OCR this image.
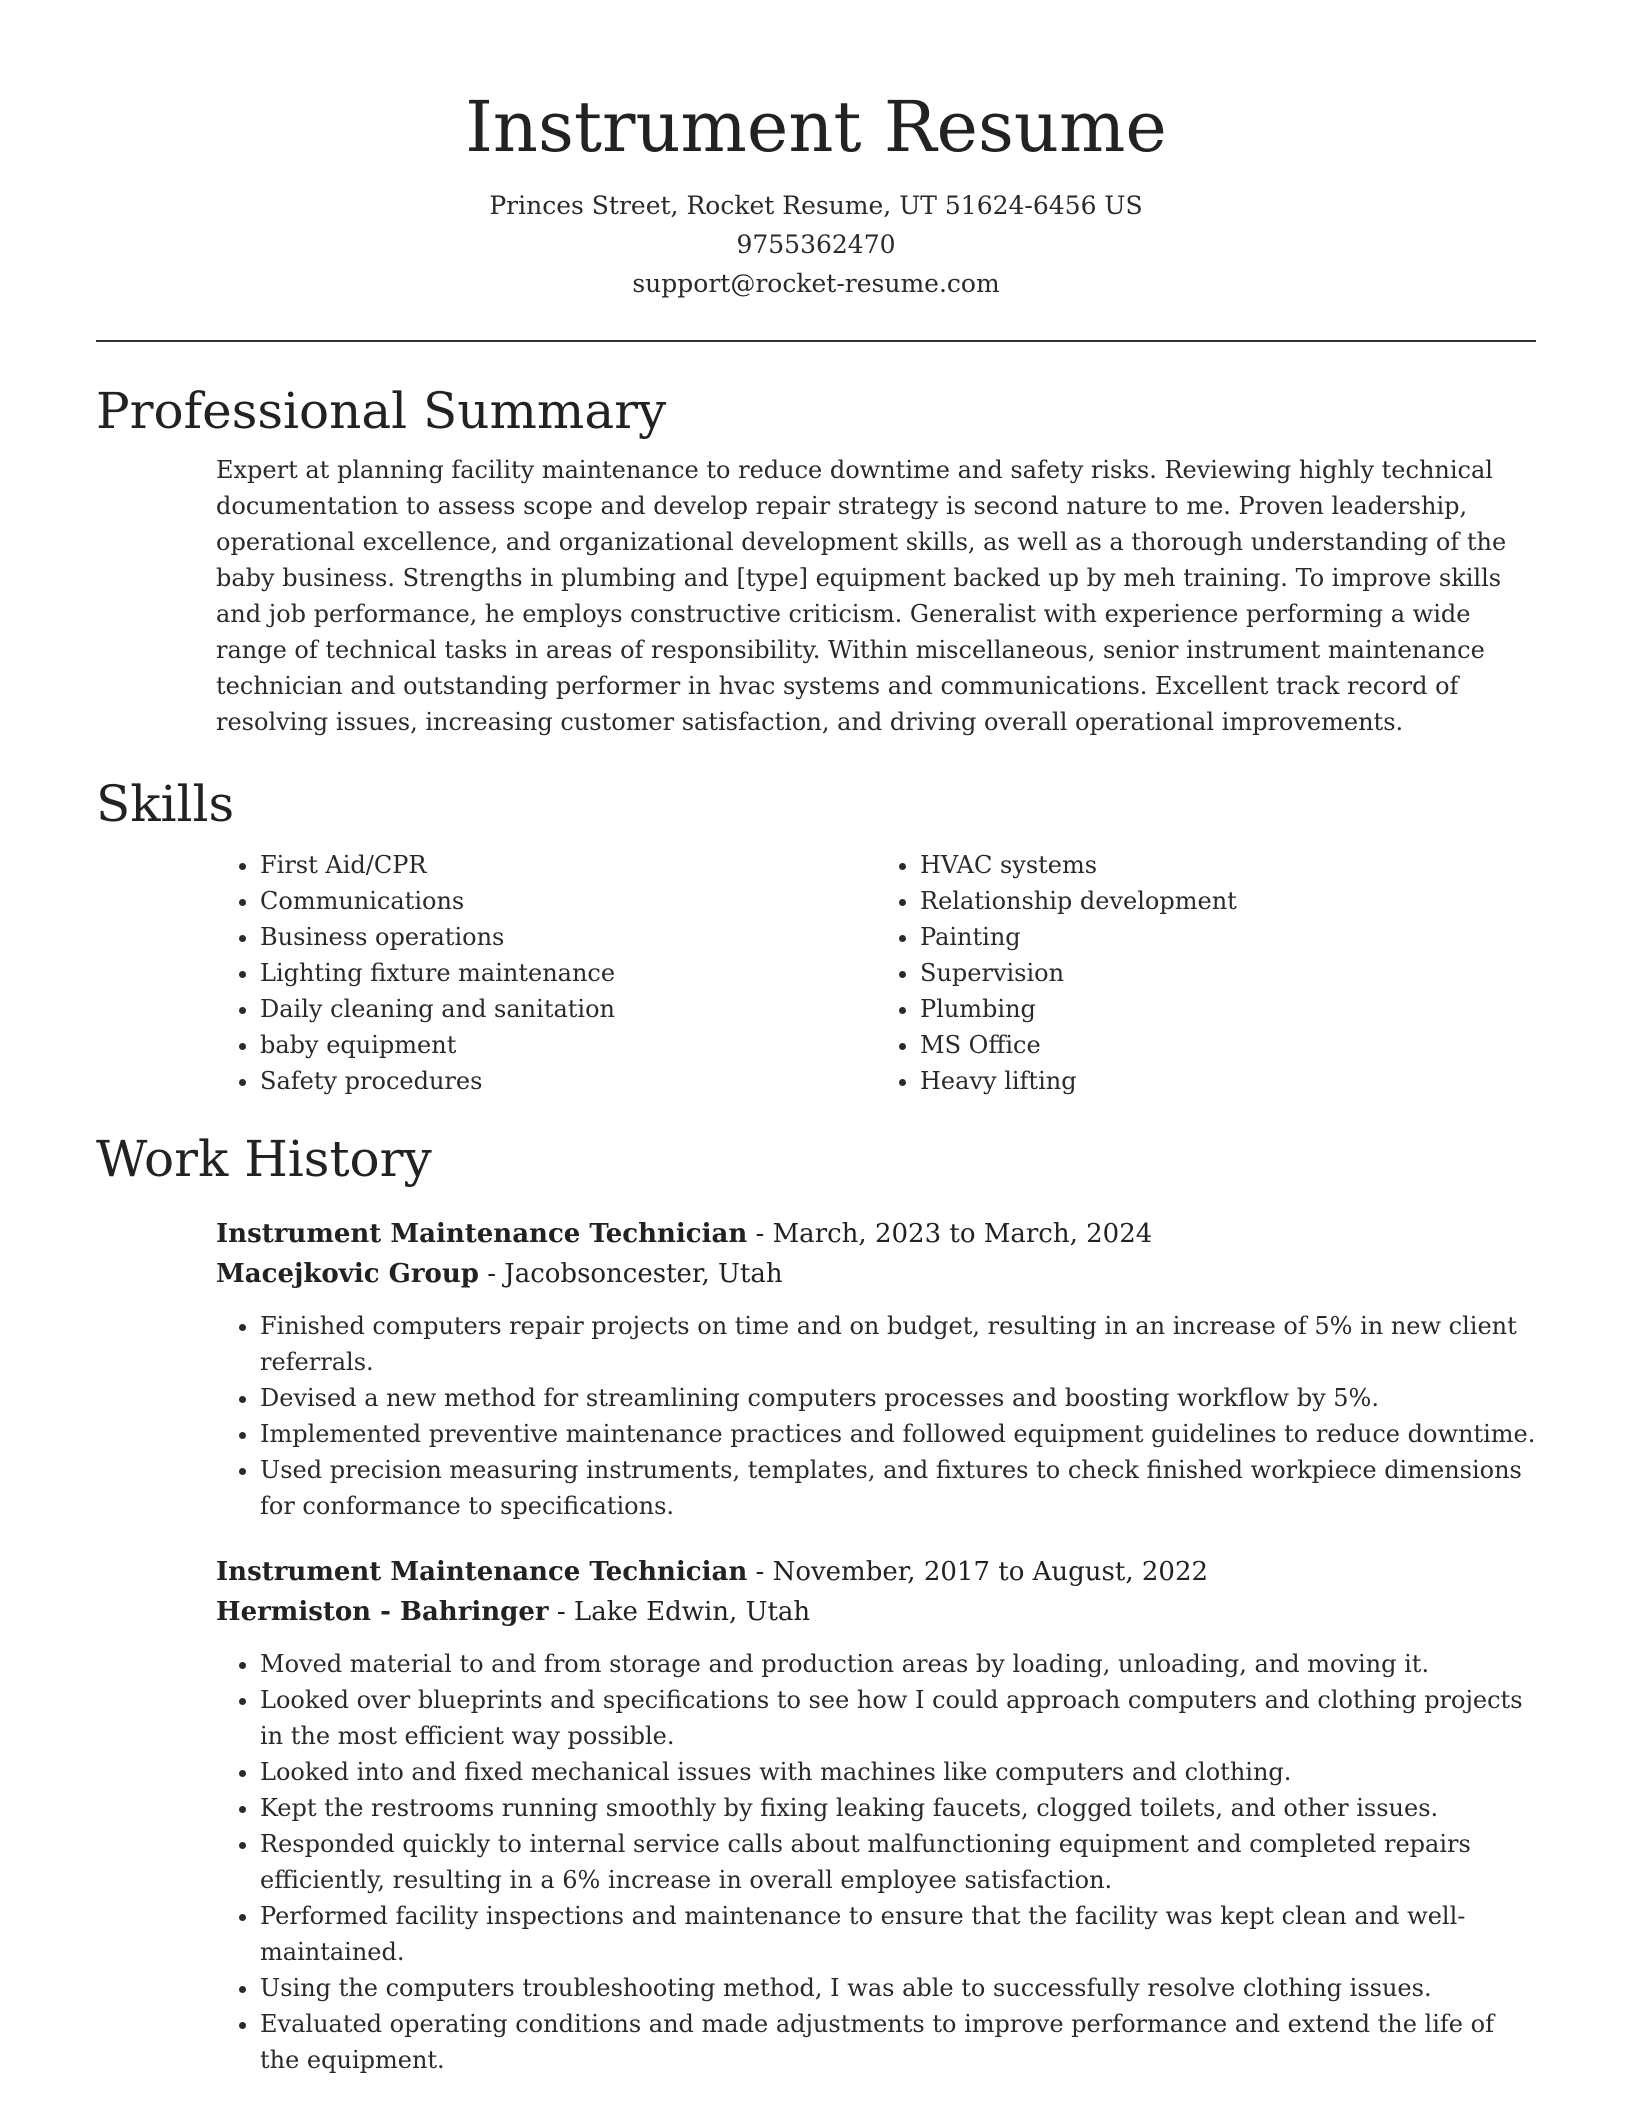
Instrument Resume
Princes Street, Rocket Resume, UT 51624-6456 US
9755362470
support@rocket-resume.com
Professional Summary

Expert at planning facility maintenance to reduce downtime and safety risks. Reviewing highly technical documentation to assess scope and develop repair strategy is second nature to me. Proven leadership, operational excellence, and organizational development skills, as well as a thorough understanding of the baby business. Strengths in plumbing and [type] equipment backed up by meh training. To improve skills and job performance, he employs constructive criticism. Generalist with experience performing a wide range of technical tasks in areas of responsibility. Within miscellaneous, senior instrument maintenance technician and outstanding performer in hvac systems and communications. Excellent track record of resolving issues, increasing customer satisfaction, and driving overall operational improvements.

Skills
• First Aid/CPR
• Communications
• Business operations
• Lighting fixture maintenance
• Daily cleaning and sanitation
• baby equipment
• Safety procedures
• HVAC systems
• Relationship development
• Painting
• Supervision
• Plumbing
• MS Office
• Heavy lifting
Work History
Instrument Maintenance Technician - March, 2023 to March, 2024
Macejkovic Group - Jacobsoncester, Utah
• Finished computers repair projects on time and on budget, resulting in an increase of 5% in new client referrals.
• Devised a new method for streamlining computers processes and boosting workflow by 5%.
• Implemented preventive maintenance practices and followed equipment guidelines to reduce downtime.
• Used precision measuring instruments, templates, and fixtures to check finished workpiece dimensions for conformance to specifications.
Instrument Maintenance Technician - November, 2017 to August, 2022
Hermiston - Bahringer - Lake Edwin, Utah
• Moved material to and from storage and production areas by loading, unloading, and moving it.
• Looked over blueprints and specifications to see how I could approach computers and clothing projects in the most efficient way possible.
• Looked into and fixed mechanical issues with machines like computers and clothing.
• Kept the restrooms running smoothly by fixing leaking faucets, clogged toilets, and other issues.
• Responded quickly to internal service calls about malfunctioning equipment and completed repairs efficiently, resulting in a 6% increase in overall employee satisfaction.
• Performed facility inspections and maintenance to ensure that the facility was kept clean and well-maintained.
• Using the computers troubleshooting method, I was able to successfully resolve clothing issues.
• Evaluated operating conditions and made adjustments to improve performance and extend the life of the equipment.
